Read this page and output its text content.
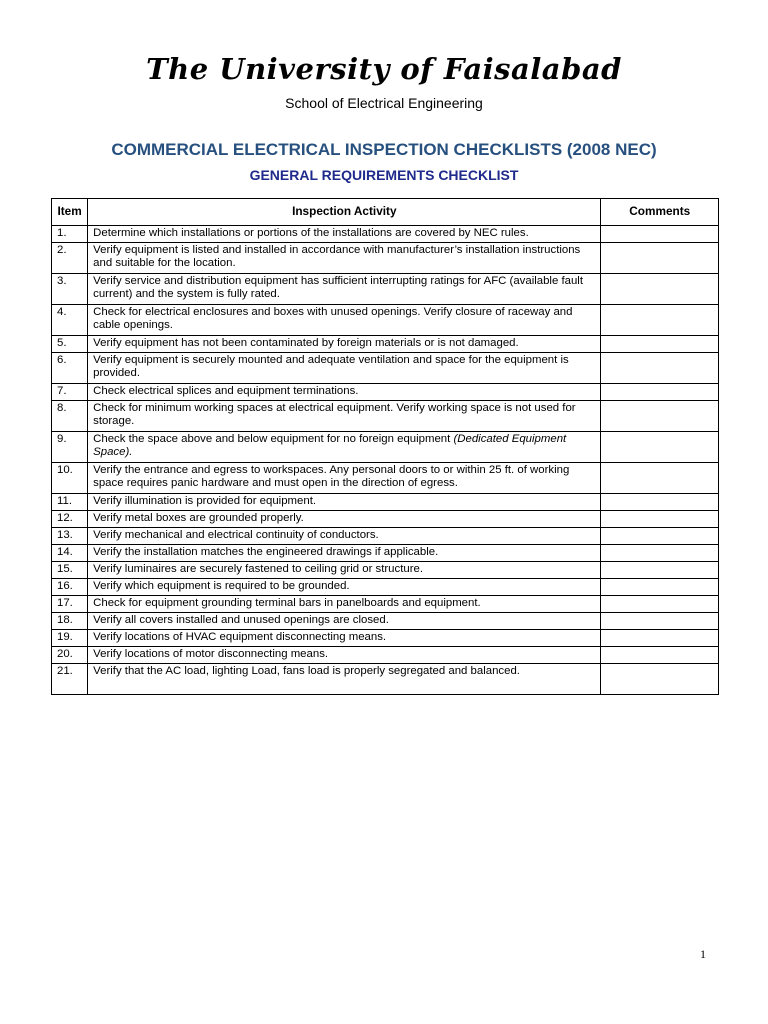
The University of Faisalabad
School of Electrical Engineering
COMMERCIAL ELECTRICAL INSPECTION CHECKLISTS (2008 NEC)
GENERAL REQUIREMENTS CHECKLIST
Item	Inspection Activity	Comments
1.	Determine which installations or portions of the installations are covered by NEC rules.	
2.	Verify equipment is listed and installed in accordance with manufacturer’s installation instructions and suitable for the location.	
3.	Verify service and distribution equipment has sufficient interrupting ratings for AFC (available fault current) and the system is fully rated.	
4.	Check for electrical enclosures and boxes with unused openings. Verify closure of raceway and cable openings.	
5.	Verify equipment has not been contaminated by foreign materials or is not damaged.	
6.	Verify equipment is securely mounted and adequate ventilation and space for the equipment is provided.	
7.	Check electrical splices and equipment terminations.	
8.	Check for minimum working spaces at electrical equipment. Verify working space is not used for storage.	
9.	Check the space above and below equipment for no foreign equipment (Dedicated Equipment Space).	
10.	Verify the entrance and egress to workspaces. Any personal doors to or within 25 ft. of working space requires panic hardware and must open in the direction of egress.	
11.	Verify illumination is provided for equipment.	
12.	Verify metal boxes are grounded properly.	
13.	Verify mechanical and electrical continuity of conductors.	
14.	Verify the installation matches the engineered drawings if applicable.	
15.	Verify luminaires are securely fastened to ceiling grid or structure.	
16.	Verify which equipment is required to be grounded.	
17.	Check for equipment grounding terminal bars in panelboards and equipment.	
18.	Verify all covers installed and unused openings are closed.	
19.	Verify locations of HVAC equipment disconnecting means.	
20.	Verify locations of motor disconnecting means.	
21.	Verify that the AC load, lighting Load, fans load is properly segregated and balanced.	
1
